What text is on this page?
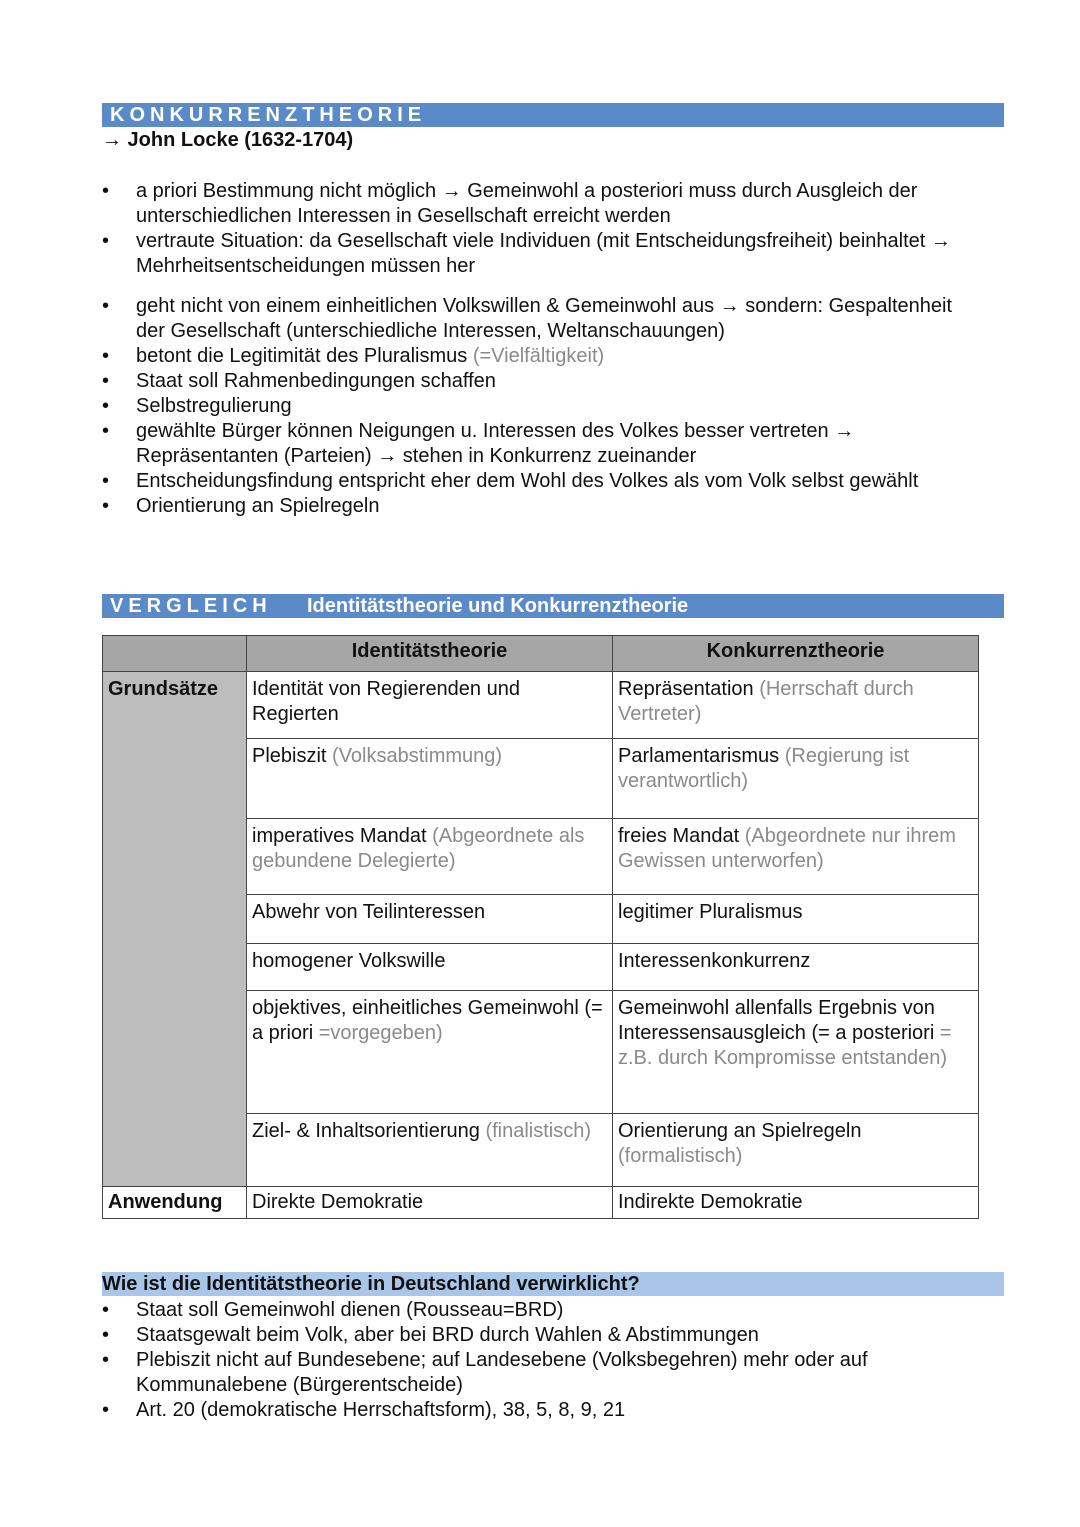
KONKURRENZTHEORIE
→ John Locke (1632-1704)
• a priori Bestimmung nicht möglich → Gemeinwohl a posteriori muss durch Ausgleich der unterschiedlichen Interessen in Gesellschaft erreicht werden
• vertraute Situation: da Gesellschaft viele Individuen (mit Entscheidungsfreiheit) beinhaltet → Mehrheitsentscheidungen müssen her
• geht nicht von einem einheitlichen Volkswillen & Gemeinwohl aus → sondern: Gespaltenheit der Gesellschaft (unterschiedliche Interessen, Weltanschauungen)
• betont die Legitimität des Pluralismus (=Vielfältigkeit)
• Staat soll Rahmenbedingungen schaffen
• Selbstregulierung
• gewählte Bürger können Neigungen u. Interessen des Volkes besser vertreten → Repräsentanten (Parteien) → stehen in Konkurrenz zueinander
• Entscheidungsfindung entspricht eher dem Wohl des Volkes als vom Volk selbst gewählt
• Orientierung an Spielregeln
VERGLEICH Identitätstheorie und Konkurrenztheorie
	Identitätstheorie	Konkurrenztheorie
Grundsätze	Identität von Regierenden und Regierten	Repräsentation (Herrschaft durch Vertreter)
	Plebiszit (Volksabstimmung)	Parlamentarismus (Regierung ist verantwortlich)
	imperatives Mandat (Abgeordnete als gebundene Delegierte)	freies Mandat (Abgeordnete nur ihrem Gewissen unterworfen)
	Abwehr von Teilinteressen	legitimer Pluralismus
	homogener Volkswille	Interessenkonkurrenz
	objektives, einheitliches Gemeinwohl (= a priori =vorgegeben)	Gemeinwohl allenfalls Ergebnis von Interessensausgleich (= a posteriori = z.B. durch Kompromisse entstanden)
	Ziel- & Inhaltsorientierung (finalistisch)	Orientierung an Spielregeln (formalistisch)
Anwendung	Direkte Demokratie	Indirekte Demokratie
Wie ist die Identitätstheorie in Deutschland verwirklicht?
• Staat soll Gemeinwohl dienen (Rousseau=BRD)
• Staatsgewalt beim Volk, aber bei BRD durch Wahlen & Abstimmungen
• Plebiszit nicht auf Bundesebene; auf Landesebene (Volksbegehren) mehr oder auf Kommunalebene (Bürgerentscheide)
• Art. 20 (demokratische Herrschaftsform), 38, 5, 8, 9, 21
